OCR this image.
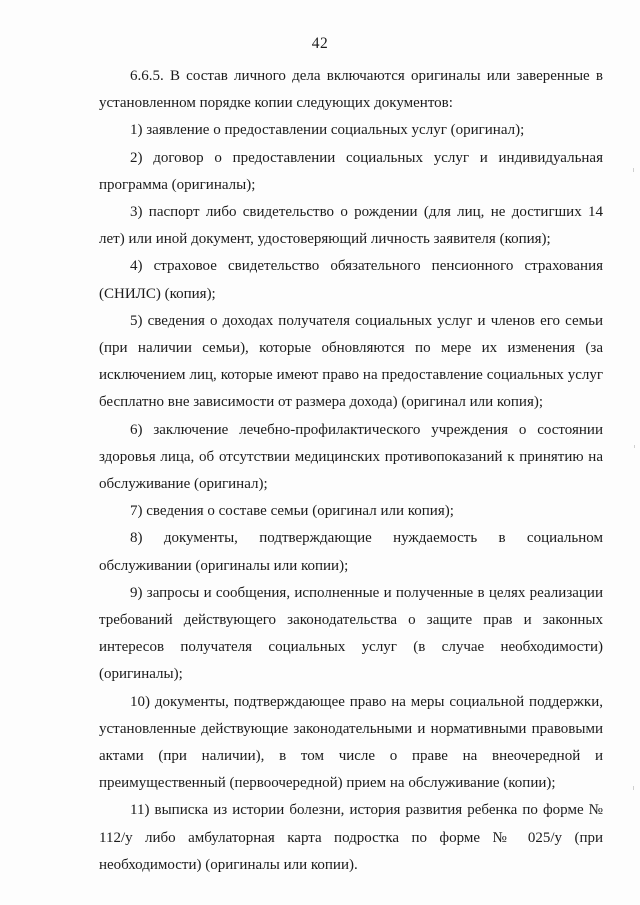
42

6.6.5. В состав личного дела включаются оригиналы или заверенные в установленном порядке копии следующих документов:

1) заявление о предоставлении социальных услуг (оригинал);

2) договор о предоставлении социальных услуг и индивидуальная программа (оригиналы);

3) паспорт либо свидетельство о рождении (для лиц, не достигших 14 лет) или иной документ, удостоверяющий личность заявителя (копия);

4) страховое свидетельство обязательного пенсионного страхования (СНИЛС) (копия);

5) сведения о доходах получателя социальных услуг и членов его семьи (при наличии семьи), которые обновляются по мере их изменения (за исключением лиц, которые имеют право на предоставление социальных услуг бесплатно вне зависимости от размера дохода) (оригинал или копия);

6) заключение лечебно-профилактического учреждения о состоянии здоровья лица, об отсутствии медицинских противопоказаний к принятию на обслуживание (оригинал);

7) сведения о составе семьи (оригинал или копия);

8) документы, подтверждающие нуждаемость в социальном обслуживании (оригиналы или копии);

9) запросы и сообщения, исполненные и полученные в целях реализации требований действующего законодательства о защите прав и законных интересов получателя социальных услуг (в случае необходимости) (оригиналы);

10) документы, подтверждающее право на меры социальной поддержки, установленные действующие законодательными и нормативными правовыми актами (при наличии), в том числе о праве на внеочередной и преимущественный (первоочередной) прием на обслуживание (копии);

11) выписка из истории болезни, история развития ребенка по форме № 112/у либо амбулаторная карта подростка по форме № 025/у (при необходимости) (оригиналы или копии).
